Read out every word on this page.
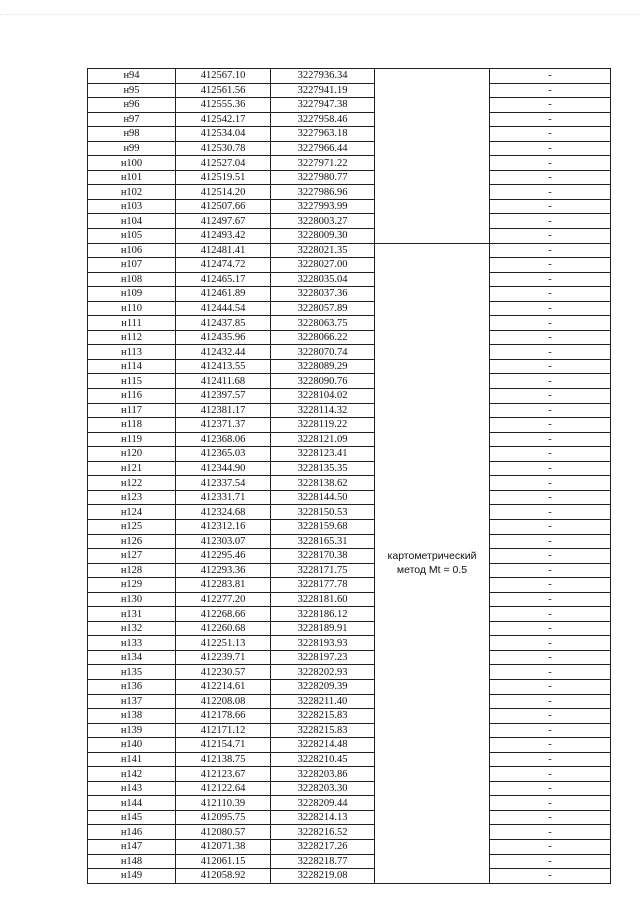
н94	412567.10	3227936.34		-
н95	412561.56	3227941.19		-
н96	412555.36	3227947.38		-
н97	412542.17	3227958.46		-
н98	412534.04	3227963.18		-
н99	412530.78	3227966.44		-
н100	412527.04	3227971.22		-
н101	412519.51	3227980.77		-
н102	412514.20	3227986.96		-
н103	412507.66	3227993.99		-
н104	412497.67	3228003.27		-
н105	412493.42	3228009.30		-
н106	412481.41	3228021.35	картометрический метод Mt = 0.5	-
н107	412474.72	3228027.00		-
н108	412465.17	3228035.04		-
н109	412461.89	3228037.36		-
н110	412444.54	3228057.89		-
н111	412437.85	3228063.75		-
н112	412435.96	3228066.22		-
н113	412432.44	3228070.74		-
н114	412413.55	3228089.29		-
н115	412411.68	3228090.76		-
н116	412397.57	3228104.02		-
н117	412381.17	3228114.32		-
н118	412371.37	3228119.22		-
н119	412368.06	3228121.09		-
н120	412365.03	3228123.41		-
н121	412344.90	3228135.35		-
н122	412337.54	3228138.62		-
н123	412331.71	3228144.50		-
н124	412324.68	3228150.53		-
н125	412312.16	3228159.68		-
н126	412303.07	3228165.31		-
н127	412295.46	3228170.38		-
н128	412293.36	3228171.75		-
н129	412283.81	3228177.78		-
н130	412277.20	3228181.60		-
н131	412268.66	3228186.12		-
н132	412260.68	3228189.91		-
н133	412251.13	3228193.93		-
н134	412239.71	3228197.23		-
н135	412230.57	3228202.93		-
н136	412214.61	3228209.39		-
н137	412208.08	3228211.40		-
н138	412178.66	3228215.83		-
н139	412171.12	3228215.83		-
н140	412154.71	3228214.48		-
н141	412138.75	3228210.45		-
н142	412123.67	3228203.86		-
н143	412122.64	3228203.30		-
н144	412110.39	3228209.44		-
н145	412095.75	3228214.13		-
н146	412080.57	3228216.52		-
н147	412071.38	3228217.26		-
н148	412061.15	3228218.77		-
н149	412058.92	3228219.08		-
